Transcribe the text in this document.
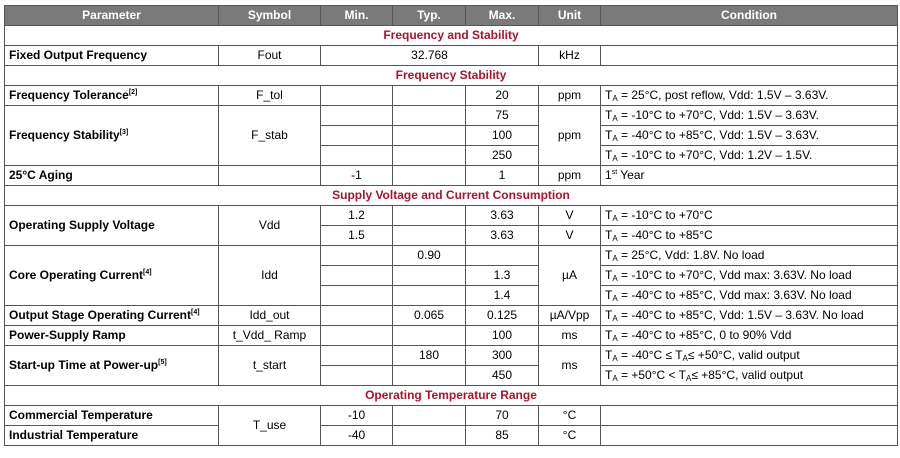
Parameter	Symbol	Min.	Typ.	Max.	Unit	Condition
Frequency and Stability						
Fixed Output Frequency	Fout	32.768			kHz	
Frequency Stability						
Frequency Tolerance[2]	F_tol			20	ppm	$T_A = 25^\circ C$, post reflow, Vdd: 1.5V – 3.63V.
Frequency Stability[3]	F_stab			75	ppm	$T_A = -10^\circ C$ to +70°C, Vdd: 1.5V – 3.63V.
				100		$T_A = -40^\circ C$ to +85°C, Vdd: 1.5V – 3.63V.
				250		$T_A = -10^\circ C$ to +70°C, Vdd: 1.2V – 1.5V.
25°C Aging		-1		1	ppm	1st Year
Supply Voltage and Current Consumption						
Operating Supply Voltage	Vdd	1.2		3.63	V	$T_A = -10^\circ C$ to +70°C
		1.5		3.63	V	$T_A = -40^\circ C$ to +85°C
Core Operating Current[4]	Idd		0.90		µA	$T_A = 25^\circ C$, Vdd: 1.8V. No load
				1.3		$T_A = -10^\circ C$ to +70°C, Vdd max: 3.63V. No load
				1.4		$T_A = -40^\circ C$ to +85°C, Vdd max: 3.63V. No load
Output Stage Operating Current[4]	Idd_out		0.065	0.125	µA/Vpp	$T_A = -40^\circ C$ to +85°C, Vdd: 1.5V – 3.63V. No load
Power-Supply Ramp	t_Vdd_ Ramp			100	ms	$T_A = -40^\circ C$ to +85°C, 0 to 90% Vdd
Start-up Time at Power-up[5]	t_start		180	300	ms	$T_A = -40^\circ C \le T_A\le +50^\circ C$, valid output
				450		$T_A = +50^\circ C < T_A\le +85^\circ C$, valid output
Operating Temperature Range						
Commercial Temperature	T_use	-10		70	°C	
Industrial Temperature		-40		85	°C	
